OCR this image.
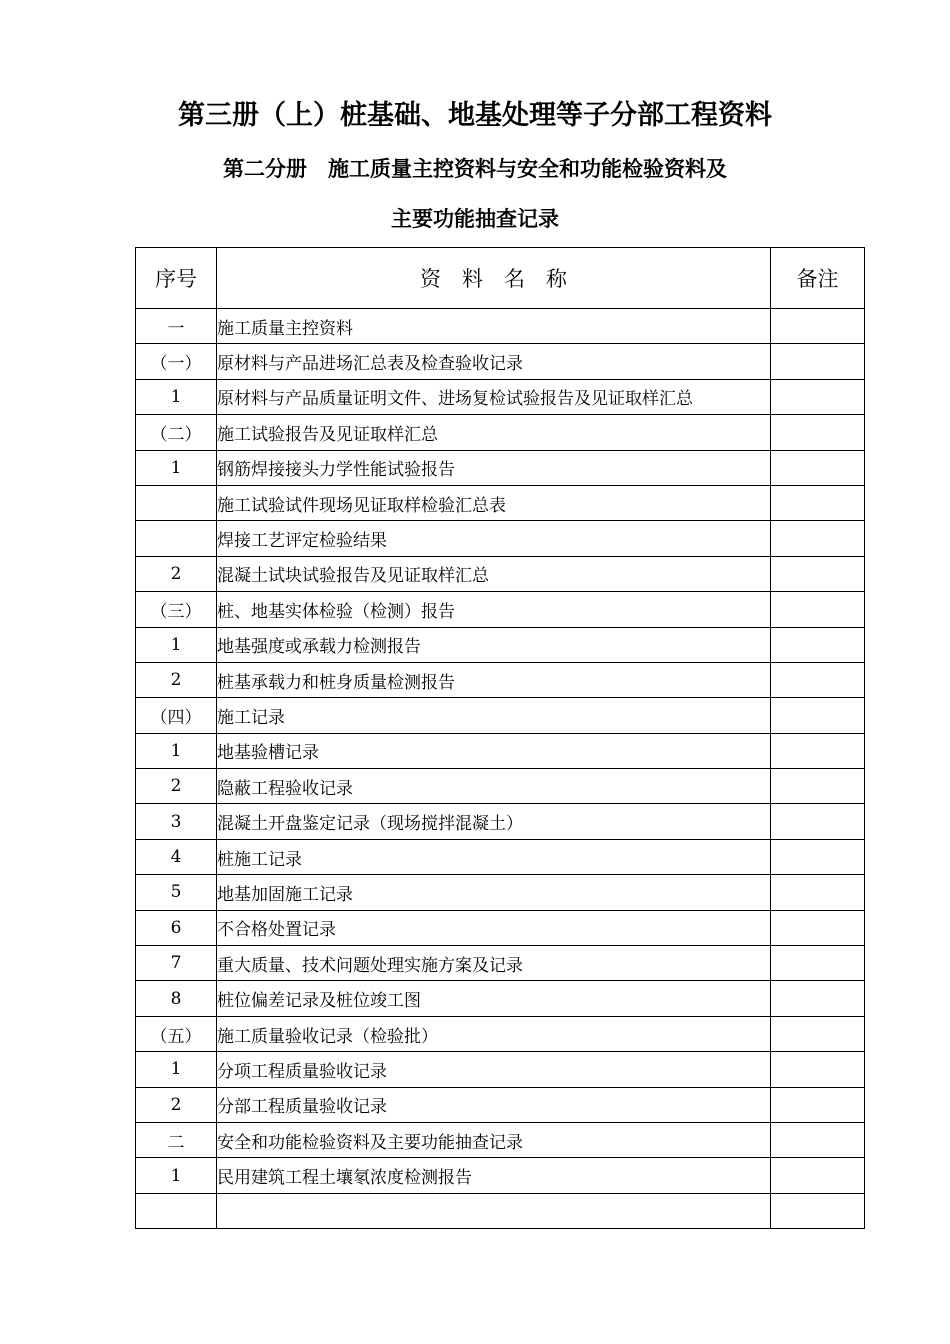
第三册（上）桩基础、地基处理等子分部工程资料
第二分册　施工质量主控资料与安全和功能检验资料及
主要功能抽查记录
序号	资　料　名　称	备注
一	施工质量主控资料	
（一）	原材料与产品进场汇总表及检查验收记录	
1	原材料与产品质量证明文件、进场复检试验报告及见证取样汇总	
（二）	施工试验报告及见证取样汇总	
1	钢筋焊接接头力学性能试验报告	
	施工试验试件现场见证取样检验汇总表	
	焊接工艺评定检验结果	
2	混凝土试块试验报告及见证取样汇总	
（三）	桩、地基实体检验（检测）报告	
1	地基强度或承载力检测报告	
2	桩基承载力和桩身质量检测报告	
（四）	施工记录	
1	地基验槽记录	
2	隐蔽工程验收记录	
3	混凝土开盘鉴定记录（现场搅拌混凝土）	
4	桩施工记录	
5	地基加固施工记录	
6	不合格处置记录	
7	重大质量、技术问题处理实施方案及记录	
8	桩位偏差记录及桩位竣工图	
（五）	施工质量验收记录（检验批）	
1	分项工程质量验收记录	
2	分部工程质量验收记录	
二	安全和功能检验资料及主要功能抽查记录	
1	民用建筑工程土壤氡浓度检测报告	
